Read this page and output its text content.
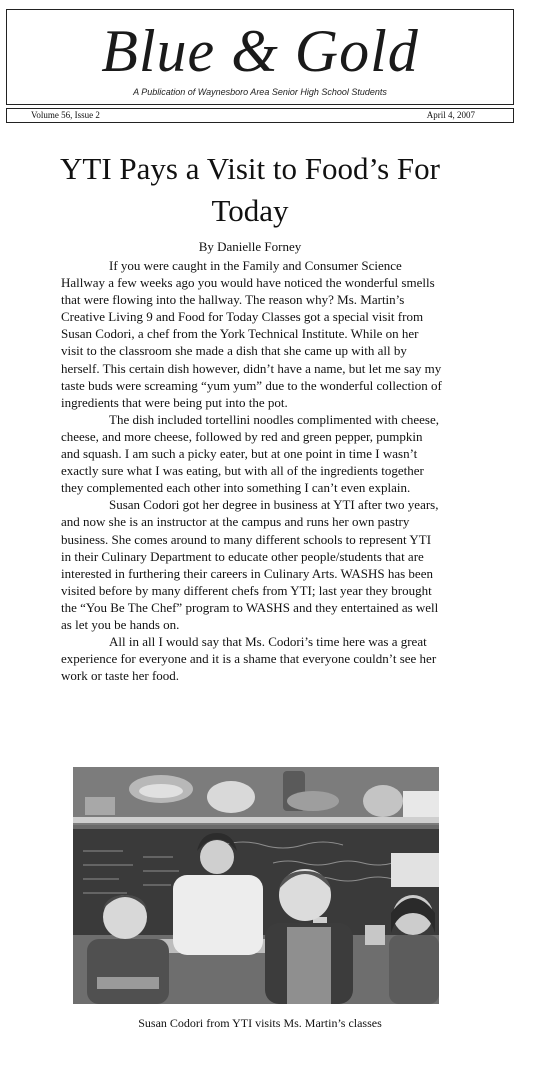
Blue & Gold
A Publication of Waynesboro Area Senior High School Students
Volume 56, Issue 2	April 4, 2007
YTI Pays a Visit to Food’s For Today
By Danielle Forney

If you were caught in the Family and Consumer Science Hallway a few weeks ago you would have noticed the wonderful smells that were flowing into the hallway. The reason why? Ms. Martin’s Creative Living 9 and Food for Today Classes got a special visit from Susan Codori, a chef from the York Technical Institute. While on her visit to the classroom she made a dish that she came up with all by herself. This certain dish however, didn’t have a name, but let me say my taste buds were screaming “yum yum” due to the wonderful collection of ingredients that were being put into the pot.

The dish included tortellini noodles complimented with cheese, cheese, and more cheese, followed by red and green pepper, pumpkin and squash. I am such a picky eater, but at one point in time I wasn’t exactly sure what I was eating, but with all of the ingredients together they complemented each other into something I can’t even explain.

Susan Codori got her degree in business at YTI after two years, and now she is an instructor at the campus and runs her own pastry business. She comes around to many different schools to represent YTI in their Culinary Department to educate other people/students that are interested in furthering their careers in Culinary Arts. WASHS has been visited before by many different chefs from YTI; last year they brought the “You Be The Chef” program to WASHS and they entertained as well as let you be hands on.

All in all I would say that Ms. Codori’s time here was a great experience for everyone and it is a shame that everyone couldn’t see her work or taste her food.

Susan Codori from YTI visits Ms. Martin’s classes
